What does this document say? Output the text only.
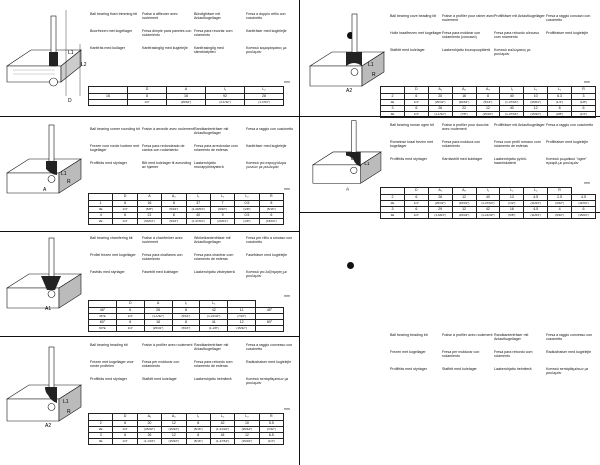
L1
L2
D
Ball bearing flush trimming bit	Fraise à affleurer avec roulement
Bündigfräser mit Anlaufkugellager
Fresa a doppio refilo con cuscinetto
Boorfrezen met kogellager	Fresa dimple para paneles con rodamiento
Fresa para recortar com rolamento
Kantfräser med kuglelejle
Kantfräs med kullager	Kantfrasinglig med kuglelejle	Kantfrasinglig med slimeklatylten
Κοπτικό καμαρίσματος με ρουλεμάν
	D	A	I₁	L₂
16	8	16	92	28
	1/4"	(25/64")	(3-1/32")	(1-7/64")
mm
L1
R
A
Ball bearing corner rounding bit Fraise à arrondir avec roulement Randkantenfräser mit Anlaufkugellager
Fresa a raggio con cuscinetto
Frezen voor ronde hoeken met kogellager
Fresa para redondeado de cantos con rodamiento
Fresa para arredondar com rolamento de esferas
Kantfräser med kuglelejle
Profilfräs med styrlager	Bitt med kolelager til avrunding av hjørner
Laakerohjattu reunapyöristysterä
Κοπτικό για στρογγύλεμα γωνιών με ρουλεμάν
	D	A	A₂	I₁	L₁	L₂	R
1	6	16	8	37	7	0.5	8
3E	1/4"	(5/8")	(5/16")	(1-29/64")	(9/32")	(1/8")	(5/16")
4	6	21	8	40	9	0.5	6
2E	1/4"	(53/64")	(5/16")	(1-37/64")	(23/64")	(1/8")	(15/64")
mm
A1
Ball bearing chamfering bit	Fraise à chanfreiner avec roulement
Winkelkantenfräser mit Anlaufkugellager
Fresa per rifilo a smusso con cuscinetto
Profiel frezen met kogellager	Fresa para chaflanes con rodamiento
Fresa para chanfrar com rolamento de esferas
Fasefräser med kuglelejle
Fasfräs med styrlager	Fasebitt med kulelager	Laakerohjattu viisteysterä	Κοπτικό για λοξότμηση με ρουλεμάν
	D	A	I₁	L₁		
45°	6	26	8	42	11	45°
45°E	1/4"	(1-1/32")	(5/16")	(1-21/32")	(7/16")	
60°	6	16	8	41	12	60°
60°E	1/4"	(25/32")	(5/16")	(1-1/8")	(15/32")	
mm
L1
R
A2
Ball bearing beading bit	Fraise à profiler avec roulement Randkantenfräser mit Anlaufkugellager
Fresa a raggio convesso con cuscinetto
Frezen met kogellager voor ronde profielen
Fresa per moldurar con rodamiento
Fresa para rebordo com rolamento de esferas
Radiusfraiser med kuglelejle
Profilfräs med styrlager	Stafbitt med kulelager	Laakerohjattu helmiterä	Κοπτικό τσπάρθεμάτων με ρουλεμάν
	D	A₁	A₂	I₁	L₁	L₂	R
2	6	20	12	8	42	10	5.5
2E	1/4"	(25/32")	(15/32")	(5/16")	(1-21/32")	(25/64")	(7/32")
3	6	26	12	8	44	12	6.5
3E	1/4"	(1-1/32")	(15/32")	(5/16")	(1-47/64")	(15/32")	(1/4")
mm
L1
R
A2
Ball bearing cove beading bit	Fraise à profiler pour rainer avec roulement
Profilfräser mit Anlaufkugellager Fresa a raggio concavo con cuscinetto
Holle kraalfrezen met kogellager Fresa para moldear con rodamiento (concavo)
Fresa para rebordo côncavo com rolamento
Profilfraiser med kuglelejle
Stafbitt med kulelager	Laakerohjattu kourupuupäterä	Κοπτικό κοιλώματος με ρουλεμάν
	D	A₁	A₂	A₃	I₁	L₁	L₂	R
2	6	20	16	8	40	10	6.3	3
2E	1/4"	(25/32")	(40/64")	(5/16")	(1-37/64")	(25/64")	(1/4")	(1/8")
3	6	26	22	12	40	12	8	6
3E	1/4"	(1-1/32")	(7/8")	(15/32")	(1-37/64")	(15/32")	(3/8")	(1/4")
mm
L1
A
Ball bearing roman ogee bit	Fraise à profiler pour doucine avec roulement
Profilfräser mit Anlaufkugellager Fresa a raggio con cuscinetto
Romeinse kraal frezen met kogellager
Fresa para moldura con rodamiento
Fresa com perfil romano com rolamento de esferas
Profilfraiser med kuglelejle
Profilfräs med styrlager	Karnissbitt med kulelager	Laakerohjattu pyörö-haarniskaterä
Κοπτικό ρωμαϊκού "ogee" προφίλ με ρουλεμάν
	D	A₁	A₂	I₁	L₁	L₂	R	
2	6	26	12	40	13	4.5	2.5	4.5
2E	1/4"	(25/32")	(15/32")	(1-37/64")	(1/2")	(11/64")	(3/32")	(11/64")
3	6	29	12	42	16	4.5	4	6
3E	1/4"	(1-9/64")	(15/32")	(1-21/32")	(5/8")	(11/64")	(5/32")	(15/64")
mm
Ball bearing beading bit	Fraise à profiler avec roulement Randkantenfräser mit Anlaufkugellager
Fresa a raggio convesso con cuscinetto
Frezen met kogellager	Fresa per moldurar con rodamiento
Fresa para rebordo com rolamento
Radiusfraiser med kuglelejle
Profilfräs med styrlager	Stafbitt med kulelager	Laakerohjattu helmiterä	Κοπτικό τσπάρθεμάτων με ρουλεμάν
